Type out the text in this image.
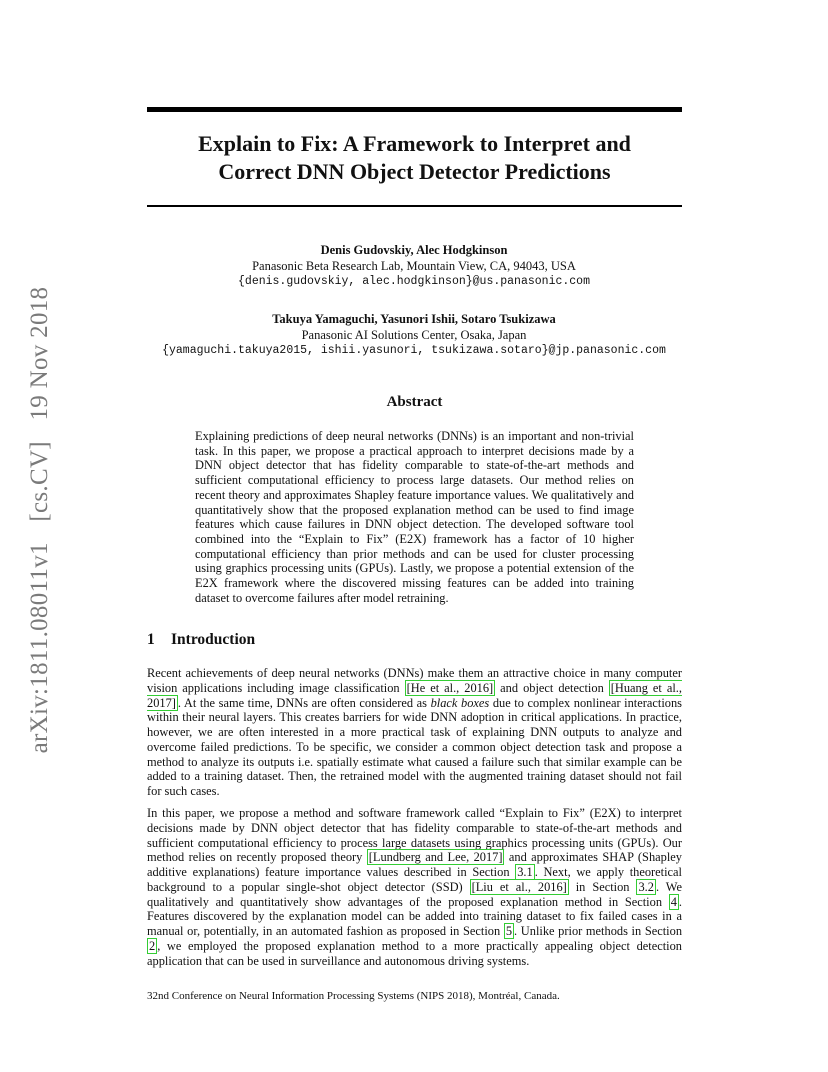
arXiv:1811.08011v1 [cs.CV] 19 Nov 2018
Explain to Fix: A Framework to Interpret and
Correct DNN Object Detector Predictions
Denis Gudovskiy, Alec Hodgkinson
Panasonic Beta Research Lab, Mountain View, CA, 94043, USA
{denis.gudovskiy, alec.hodgkinson}@us.panasonic.com
Takuya Yamaguchi, Yasunori Ishii, Sotaro Tsukizawa
Panasonic AI Solutions Center, Osaka, Japan
{yamaguchi.takuya2015, ishii.yasunori, tsukizawa.sotaro}@jp.panasonic.com
Abstract
Explaining predictions of deep neural networks (DNNs) is an important and non-trivial task. In this paper, we propose a practical approach to interpret decisions made by a DNN object detector that has fidelity comparable to state-of-the-art methods and sufficient computational efficiency to process large datasets. Our method relies on recent theory and approximates Shapley feature importance values. We qualitatively and quantitatively show that the proposed explanation method can be used to find image features which cause failures in DNN object detection. The developed software tool combined into the “Explain to Fix” (E2X) framework has a factor of 10 higher computational efficiency than prior methods and can be used for cluster processing using graphics processing units (GPUs). Lastly, we propose a potential extension of the E2X framework where the discovered missing features can be added into training dataset to overcome failures after model retraining.
1 Introduction
Recent achievements of deep neural networks (DNNs) make them an attractive choice in many computer vision applications including image classification [He et al., 2016] and object detection [Huang et al., 2017] . At the same time, DNNs are often considered as black boxes due to complex nonlinear interactions within their neural layers. This creates barriers for wide DNN adoption in critical applications. In practice, however, we are often interested in a more practical task of explaining DNN outputs to analyze and overcome failed predictions. To be specific, we consider a common object detection task and propose a method to analyze its outputs i.e. spatially estimate what caused a failure such that similar example can be added to a training dataset. Then, the retrained model with the augmented training dataset should not fail for such cases.
In this paper, we propose a method and software framework called “Explain to Fix” (E2X) to interpret decisions made by DNN object detector that has fidelity comparable to state-of-the-art methods and sufficient computational efficiency to process large datasets using graphics processing units (GPUs). Our method relies on recently proposed theory [Lundberg and Lee, 2017] and approximates SHAP (Shapley additive explanations) feature importance values described in Section 3.1 . Next, we apply theoretical background to a popular single-shot object detector (SSD) [Liu et al., 2016] in Section 3.2 . We qualitatively and quantitatively show advantages of the proposed explanation method in Section 4 . Features discovered by the explanation model can be added into training dataset to fix failed cases in a manual or, potentially, in an automated fashion as proposed in Section 5 . Unlike prior methods in Section 2 , we employed the proposed explanation method to a more practically appealing object detection application that can be used in surveillance and autonomous driving systems.
32nd Conference on Neural Information Processing Systems (NIPS 2018), Montréal, Canada.
